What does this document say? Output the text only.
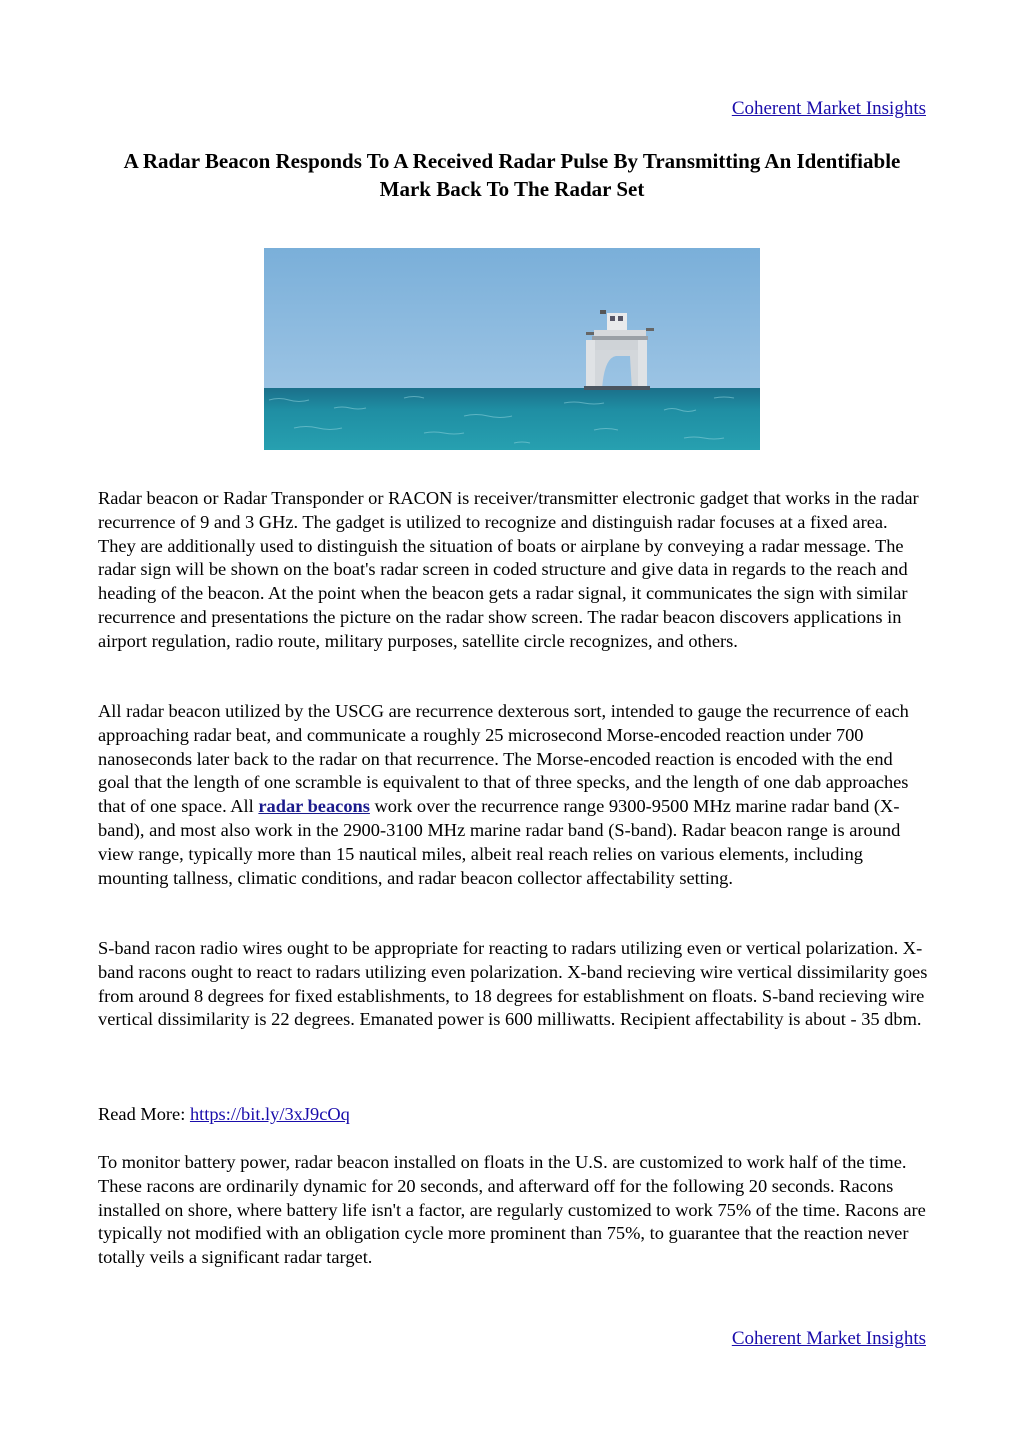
Coherent Market Insights
A Radar Beacon Responds To A Received Radar Pulse By Transmitting An Identifiable Mark Back To The Radar Set

Radar beacon or Radar Transponder or RACON is receiver/transmitter electronic gadget that works in the radar recurrence of 9 and 3 GHz. The gadget is utilized to recognize and distinguish radar focuses at a fixed area. They are additionally used to distinguish the situation of boats or airplane by conveying a radar message. The radar sign will be shown on the boat's radar screen in coded structure and give data in regards to the reach and heading of the beacon. At the point when the beacon gets a radar signal, it communicates the sign with similar recurrence and presentations the picture on the radar show screen. The radar beacon discovers applications in airport regulation, radio route, military purposes, satellite circle recognizes, and others.

All radar beacon utilized by the USCG are recurrence dexterous sort, intended to gauge the recurrence of each approaching radar beat, and communicate a roughly 25 microsecond Morse-encoded reaction under 700 nanoseconds later back to the radar on that recurrence. The Morse-encoded reaction is encoded with the end goal that the length of one scramble is equivalent to that of three specks, and the length of one dab approaches that of one space. All radar beacons work over the recurrence range 9300-9500 MHz marine radar band (X-band), and most also work in the 2900-3100 MHz marine radar band (S-band). Radar beacon range is around view range, typically more than 15 nautical miles, albeit real reach relies on various elements, including mounting tallness, climatic conditions, and radar beacon collector affectability setting.

S-band racon radio wires ought to be appropriate for reacting to radars utilizing even or vertical polarization. X-band racons ought to react to radars utilizing even polarization. X-band recieving wire vertical dissimilarity goes from around 8 degrees for fixed establishments, to 18 degrees for establishment on floats. S-band recieving wire vertical dissimilarity is 22 degrees. Emanated power is 600 milliwatts. Recipient affectability is about - 35 dbm.

Read More: https://bit.ly/3xJ9cOq

To monitor battery power, radar beacon installed on floats in the U.S. are customized to work half of the time. These racons are ordinarily dynamic for 20 seconds, and afterward off for the following 20 seconds. Racons installed on shore, where battery life isn't a factor, are regularly customized to work 75% of the time. Racons are typically not modified with an obligation cycle more prominent than 75%, to guarantee that the reaction never totally veils a significant radar target.

Coherent Market Insights
